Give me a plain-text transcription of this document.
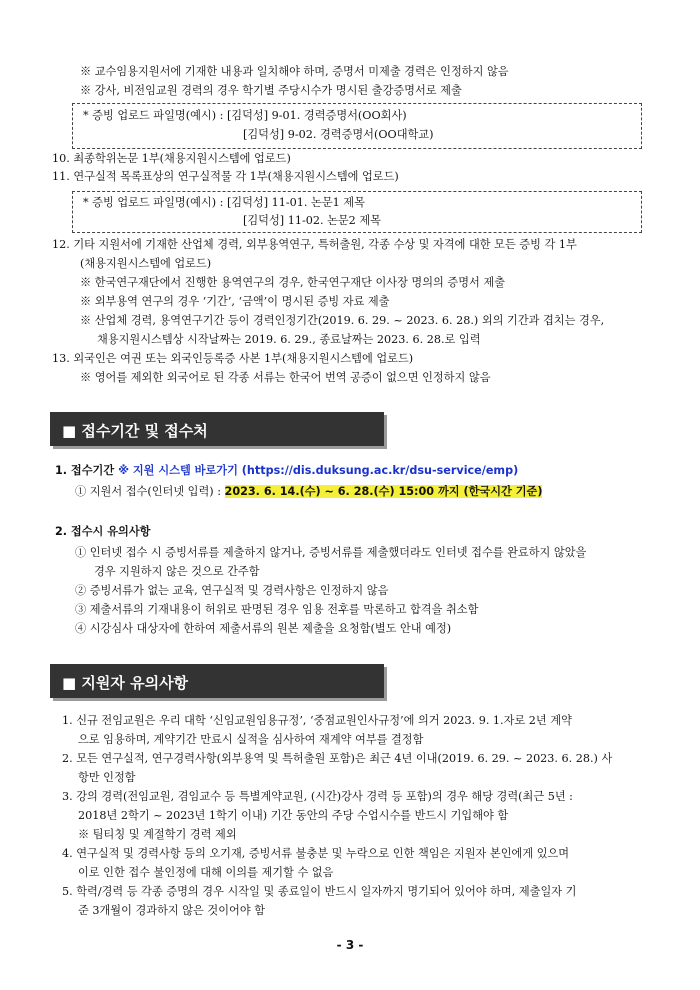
※ 교수임용지원서에 기재한 내용과 일치해야 하며, 증명서 미제출 경력은 인정하지 않음
※ 강사, 비전임교원 경력의 경우 학기별 주당시수가 명시된 출강증명서로 제출
* 증빙 업로드 파일명(예시) : [김덕성] 9-01. 경력증명서(OO회사)
[김덕성] 9-02. 경력증명서(OO대학교)
10. 최종학위논문 1부(채용지원시스템에 업로드)
11. 연구실적 목록표상의 연구실적물 각 1부(채용지원시스템에 업로드)
* 증빙 업로드 파일명(예시) : [김덕성] 11-01. 논문1 제목
[김덕성] 11-02. 논문2 제목
12. 기타 지원서에 기재한 산업체 경력, 외부용역연구, 특허출원, 각종 수상 및 자격에 대한 모든 증빙 각 1부
(채용지원시스템에 업로드)
※ 한국연구재단에서 진행한 용역연구의 경우, 한국연구재단 이사장 명의의 증명서 제출
※ 외부용역 연구의 경우 ‘기간’, ‘금액’이 명시된 증빙 자료 제출
※ 산업체 경력, 용역연구기간 등이 경력인정기간(2019. 6. 29. ~ 2023. 6. 28.) 외의 기간과 겹치는 경우,
채용지원시스템상 시작날짜는 2019. 6. 29., 종료날짜는 2023. 6. 28.로 입력
13. 외국인은 여권 또는 외국인등록증 사본 1부(채용지원시스템에 업로드)
※ 영어를 제외한 외국어로 된 각종 서류는 한국어 번역 공증이 없으면 인정하지 않음
■ 접수기간 및 접수처
1. 접수기간 ※ 지원 시스템 바로가기 (https://dis.duksung.ac.kr/dsu-service/emp)
① 지원서 접수(인터넷 입력) : 2023. 6. 14.(수) ~ 6. 28.(수) 15:00 까지 (한국시간 기준)
2. 접수시 유의사항
① 인터넷 접수 시 증빙서류를 제출하지 않거나, 증빙서류를 제출했더라도 인터넷 접수를 완료하지 않았을
경우 지원하지 않은 것으로 간주함
② 증빙서류가 없는 교육, 연구실적 및 경력사항은 인정하지 않음
③ 제출서류의 기재내용이 허위로 판명된 경우 임용 전후를 막론하고 합격을 취소함
④ 시강심사 대상자에 한하여 제출서류의 원본 제출을 요청함(별도 안내 예정)
■ 지원자 유의사항
1. 신규 전임교원은 우리 대학 ‘신임교원임용규정’, ‘중점교원인사규정’에 의거 2023. 9. 1.자로 2년 계약
으로 임용하며, 계약기간 만료시 실적을 심사하여 재계약 여부를 결정함
2. 모든 연구실적, 연구경력사항(외부용역 및 특허출원 포함)은 최근 4년 이내(2019. 6. 29. ~ 2023. 6. 28.) 사
항만 인정함
3. 강의 경력(전임교원, 겸임교수 등 특별계약교원, (시간)강사 경력 등 포함)의 경우 해당 경력(최근 5년 :
2018년 2학기 ~ 2023년 1학기 이내) 기간 동안의 주당 수업시수를 반드시 기입해야 함
※ 팀티칭 및 계절학기 경력 제외
4. 연구실적 및 경력사항 등의 오기재, 증빙서류 불충분 및 누락으로 인한 책임은 지원자 본인에게 있으며
이로 인한 접수 불인정에 대해 이의를 제기할 수 없음
5. 학력/경력 등 각종 증명의 경우 시작일 및 종료일이 반드시 일자까지 명기되어 있어야 하며, 제출일자 기
준 3개월이 경과하지 않은 것이어야 함
- 3 -
